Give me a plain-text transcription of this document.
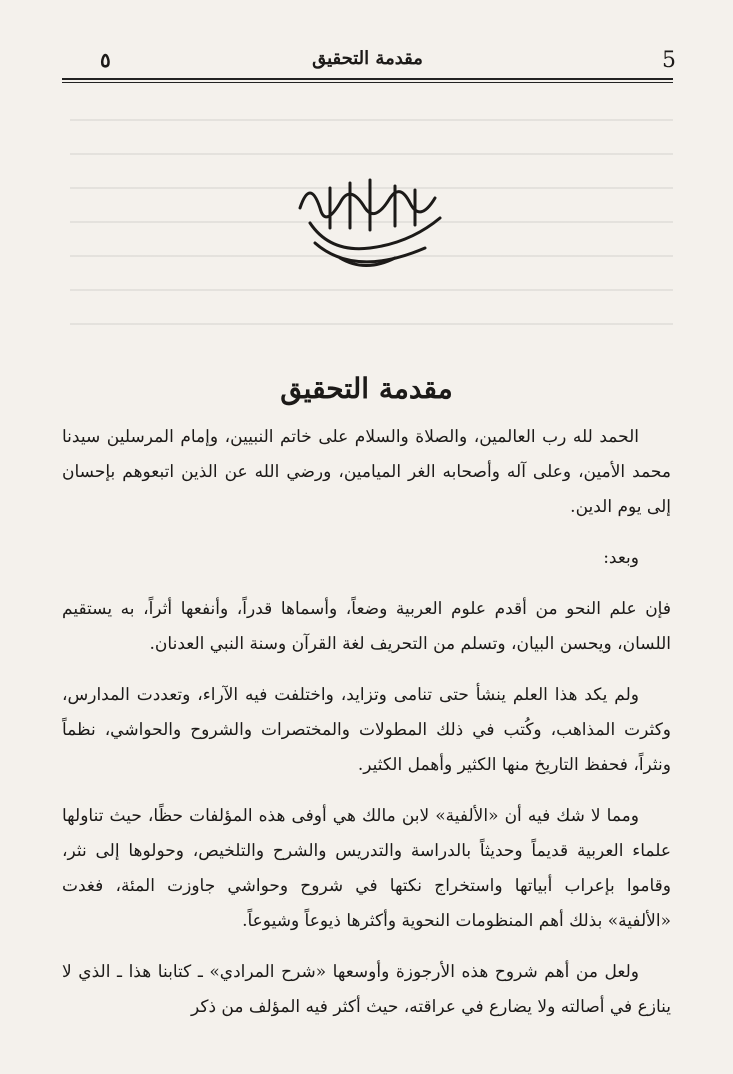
5
مقدمة التحقيق
٥
مقدمة التحقيق

الحمد لله رب العالمين، والصلاة والسلام على خاتم النبيين، وإمام المرسلين سيدنا محمد الأمين، وعلى آله وأصحابه الغر الميامين، ورضي الله عن الذين اتبعوهم بإحسان إلى يوم الدين.

وبعد:

فإن علم النحو من أقدم علوم العربية وضعاً، وأسماها قدراً، وأنفعها أثراً، به يستقيم اللسان، ويحسن البيان، وتسلم من التحريف لغة القرآن وسنة النبي العدنان.

ولم يكد هذا العلم ينشأ حتى تنامى وتزايد، واختلفت فيه الآراء، وتعددت المدارس، وكثرت المذاهب، وكُتب في ذلك المطولات والمختصرات والشروح والحواشي، نظماً ونثراً، فحفظ التاريخ منها الكثير وأهمل الكثير.

ومما لا شك فيه أن «الألفية» لابن مالك هي أوفى هذه المؤلفات حظًا، حيث تناولها علماء العربية قديماً وحديثاً بالدراسة والتدريس والشرح والتلخيص، وحولوها إلى نثر، وقاموا بإعراب أبياتها واستخراج نكتها في شروح وحواشي جاوزت المئة، فغدت «الألفية» بذلك أهم المنظومات النحوية وأكثرها ذيوعاً وشيوعاً.

ولعل من أهم شروح هذه الأرجوزة وأوسعها «شرح المرادي» ـ كتابنا هذا ـ الذي لا ينازع في أصالته ولا يضارع في عراقته، حيث أكثر فيه المؤلف من ذكر
